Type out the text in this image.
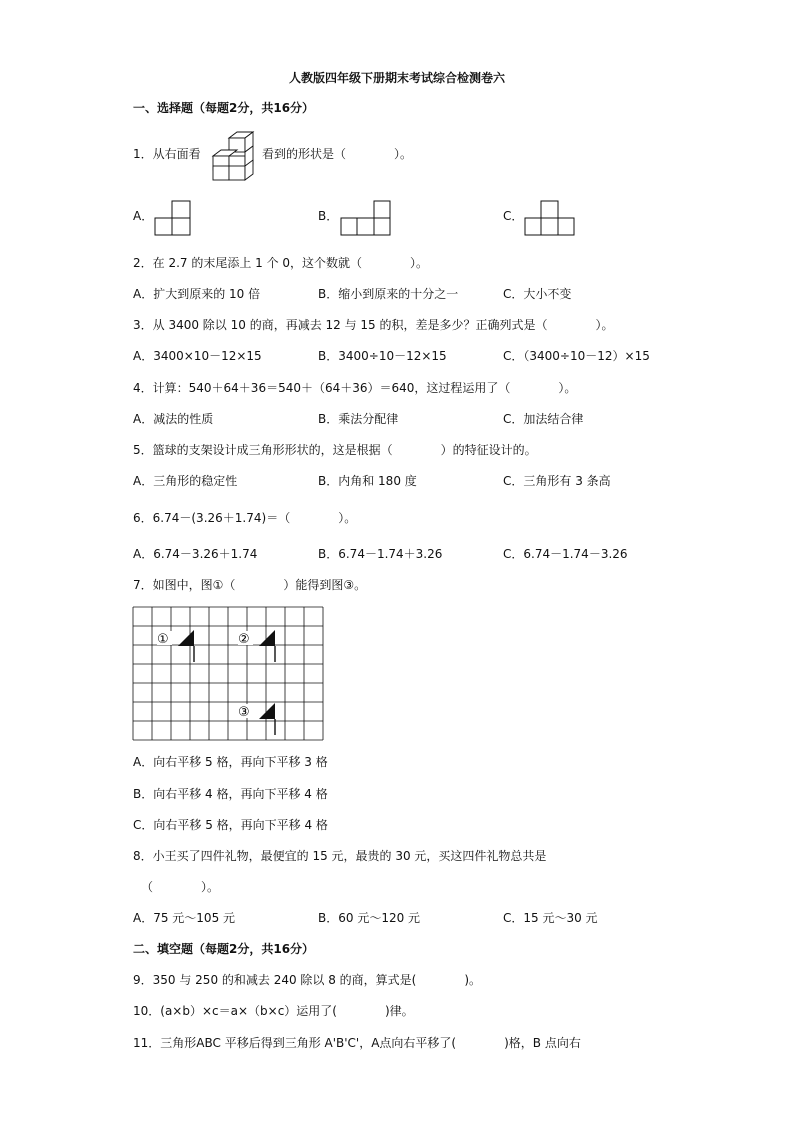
人教版四年级下册期末考试综合检测卷六
一、选择题（每题2分，共16分）
1．从右面看	看到的形状是（　　　　）。
A．	B．	C．
2．在 2.7 的末尾添上 1 个 0，这个数就（　　　　）。
A．扩大到原来的 10 倍	B．缩小到原来的十分之一	C．大小不变
3．从 3400 除以 10 的商，再减去 12 与 15 的积，差是多少？正确列式是（　　　　）。
A．3400×10－12×15	B．3400÷10－12×15	C．（3400÷10－12）×15
4．计算：540＋64＋36＝540＋（64＋36）＝640，这过程运用了（　　　　）。
A．减法的性质	B．乘法分配律	C．加法结合律
5．篮球的支架设计成三角形形状的，这是根据（　　　　）的特征设计的。
A．三角形的稳定性	B．内角和 180 度	C．三角形有 3 条高
6．6.74－(3.26＋1.74)＝（　　　　）。
A．6.74－3.26＋1.74	B．6.74－1.74＋3.26	C．6.74－1.74－3.26
7．如图中，图①（　　　　）能得到图③。
①	②
③
A．向右平移 5 格，再向下平移 3 格
B．向右平移 4 格，再向下平移 4 格
C．向右平移 5 格，再向下平移 4 格
8．小王买了四件礼物，最便宜的 15 元，最贵的 30 元，买这四件礼物总共是
（　　　　）。
A．75 元～105 元	B．60 元～120 元	C．15 元～30 元
二、填空题（每题2分，共16分）
9．350 与 250 的和减去 240 除以 8 的商，算式是(　　　　)。
10．(a×b）×c＝a×（b×c）运用了(　　　　)律。
11．三角形ABC 平移后得到三角形 A'B'C'，A点向右平移了(　　　　)格，B 点向右
